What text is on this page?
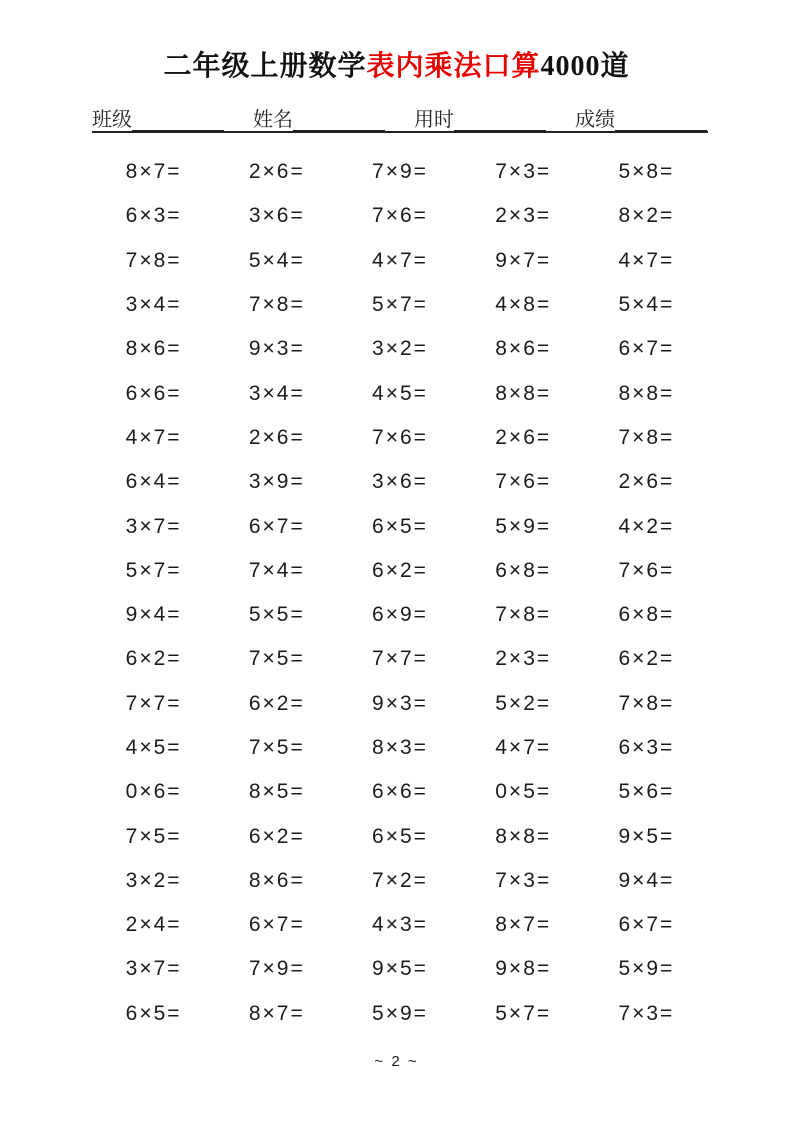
二年级上册数学表内乘法口算4000道
班级	姓名	用时	成绩
8×7=	2×6=	7×9=	7×3=	5×8=
6×3=	3×6=	7×6=	2×3=	8×2=
7×8=	5×4=	4×7=	9×7=	4×7=
3×4=	7×8=	5×7=	4×8=	5×4=
8×6=	9×3=	3×2=	8×6=	6×7=
6×6=	3×4=	4×5=	8×8=	8×8=
4×7=	2×6=	7×6=	2×6=	7×8=
6×4=	3×9=	3×6=	7×6=	2×6=
3×7=	6×7=	6×5=	5×9=	4×2=
5×7=	7×4=	6×2=	6×8=	7×6=
9×4=	5×5=	6×9=	7×8=	6×8=
6×2=	7×5=	7×7=	2×3=	6×2=
7×7=	6×2=	9×3=	5×2=	7×8=
4×5=	7×5=	8×3=	4×7=	6×3=
0×6=	8×5=	6×6=	0×5=	5×6=
7×5=	6×2=	6×5=	8×8=	9×5=
3×2=	8×6=	7×2=	7×3=	9×4=
2×4=	6×7=	4×3=	8×7=	6×7=
3×7=	7×9=	9×5=	9×8=	5×9=
6×5=	8×7=	5×9=	5×7=	7×3=
~ 2 ~
